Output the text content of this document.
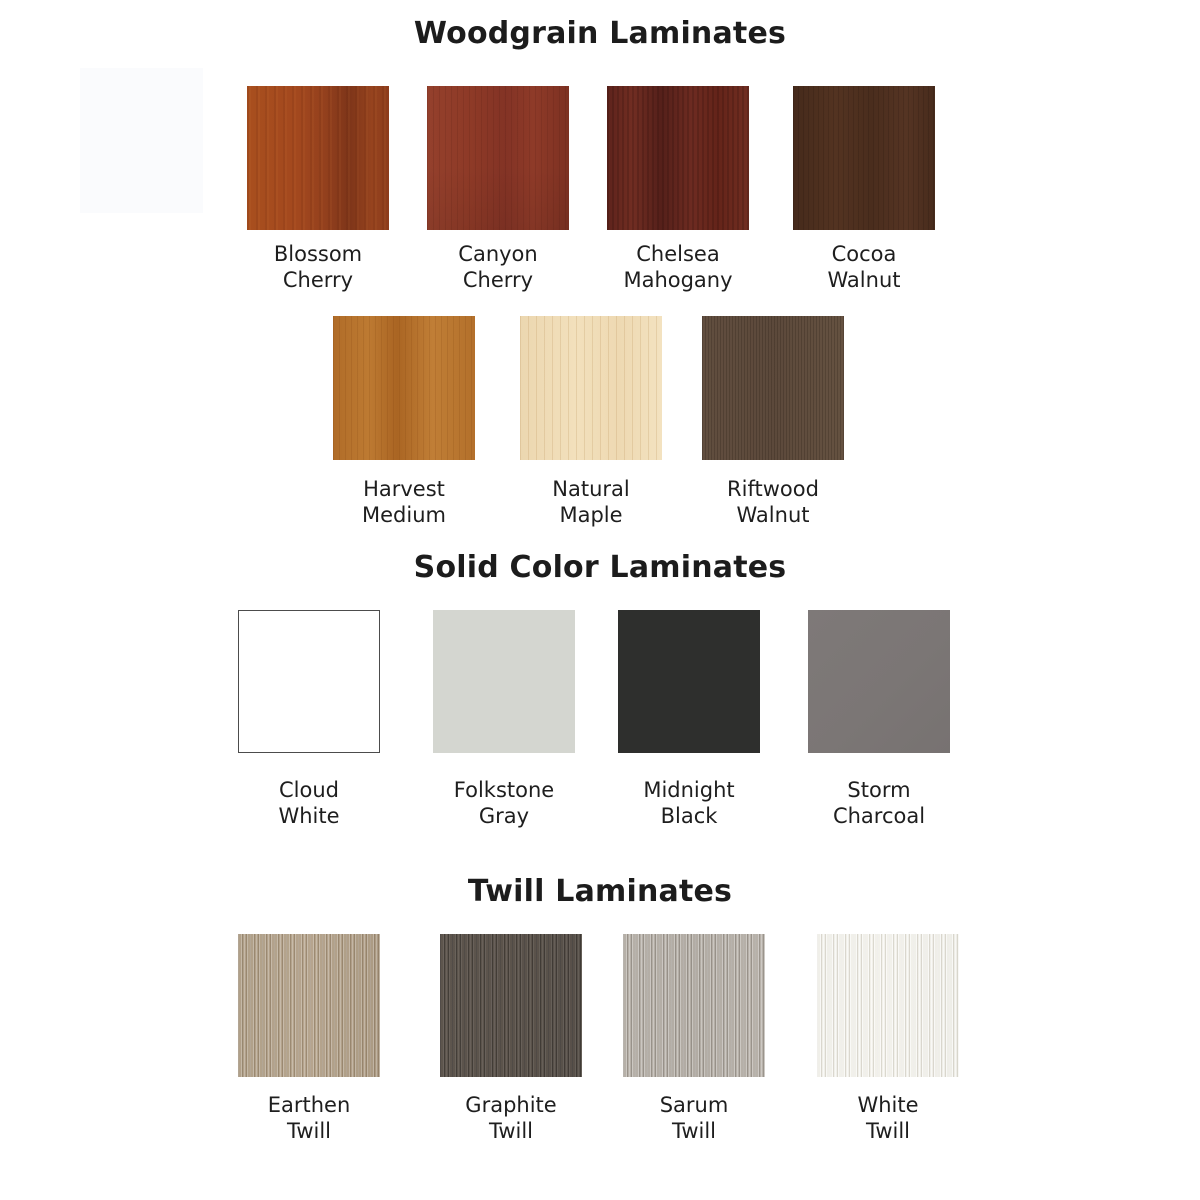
Woodgrain Laminates
Blossom
Cherry
Canyon
Cherry
Chelsea
Mahogany
Cocoa
Walnut
Harvest
Medium
Natural
Maple
Riftwood
Walnut
Solid Color Laminates
Cloud
White
Folkstone
Gray
Midnight
Black
Storm
Charcoal
Twill Laminates
Earthen
Twill
Graphite
Twill
Sarum
Twill
White
Twill
